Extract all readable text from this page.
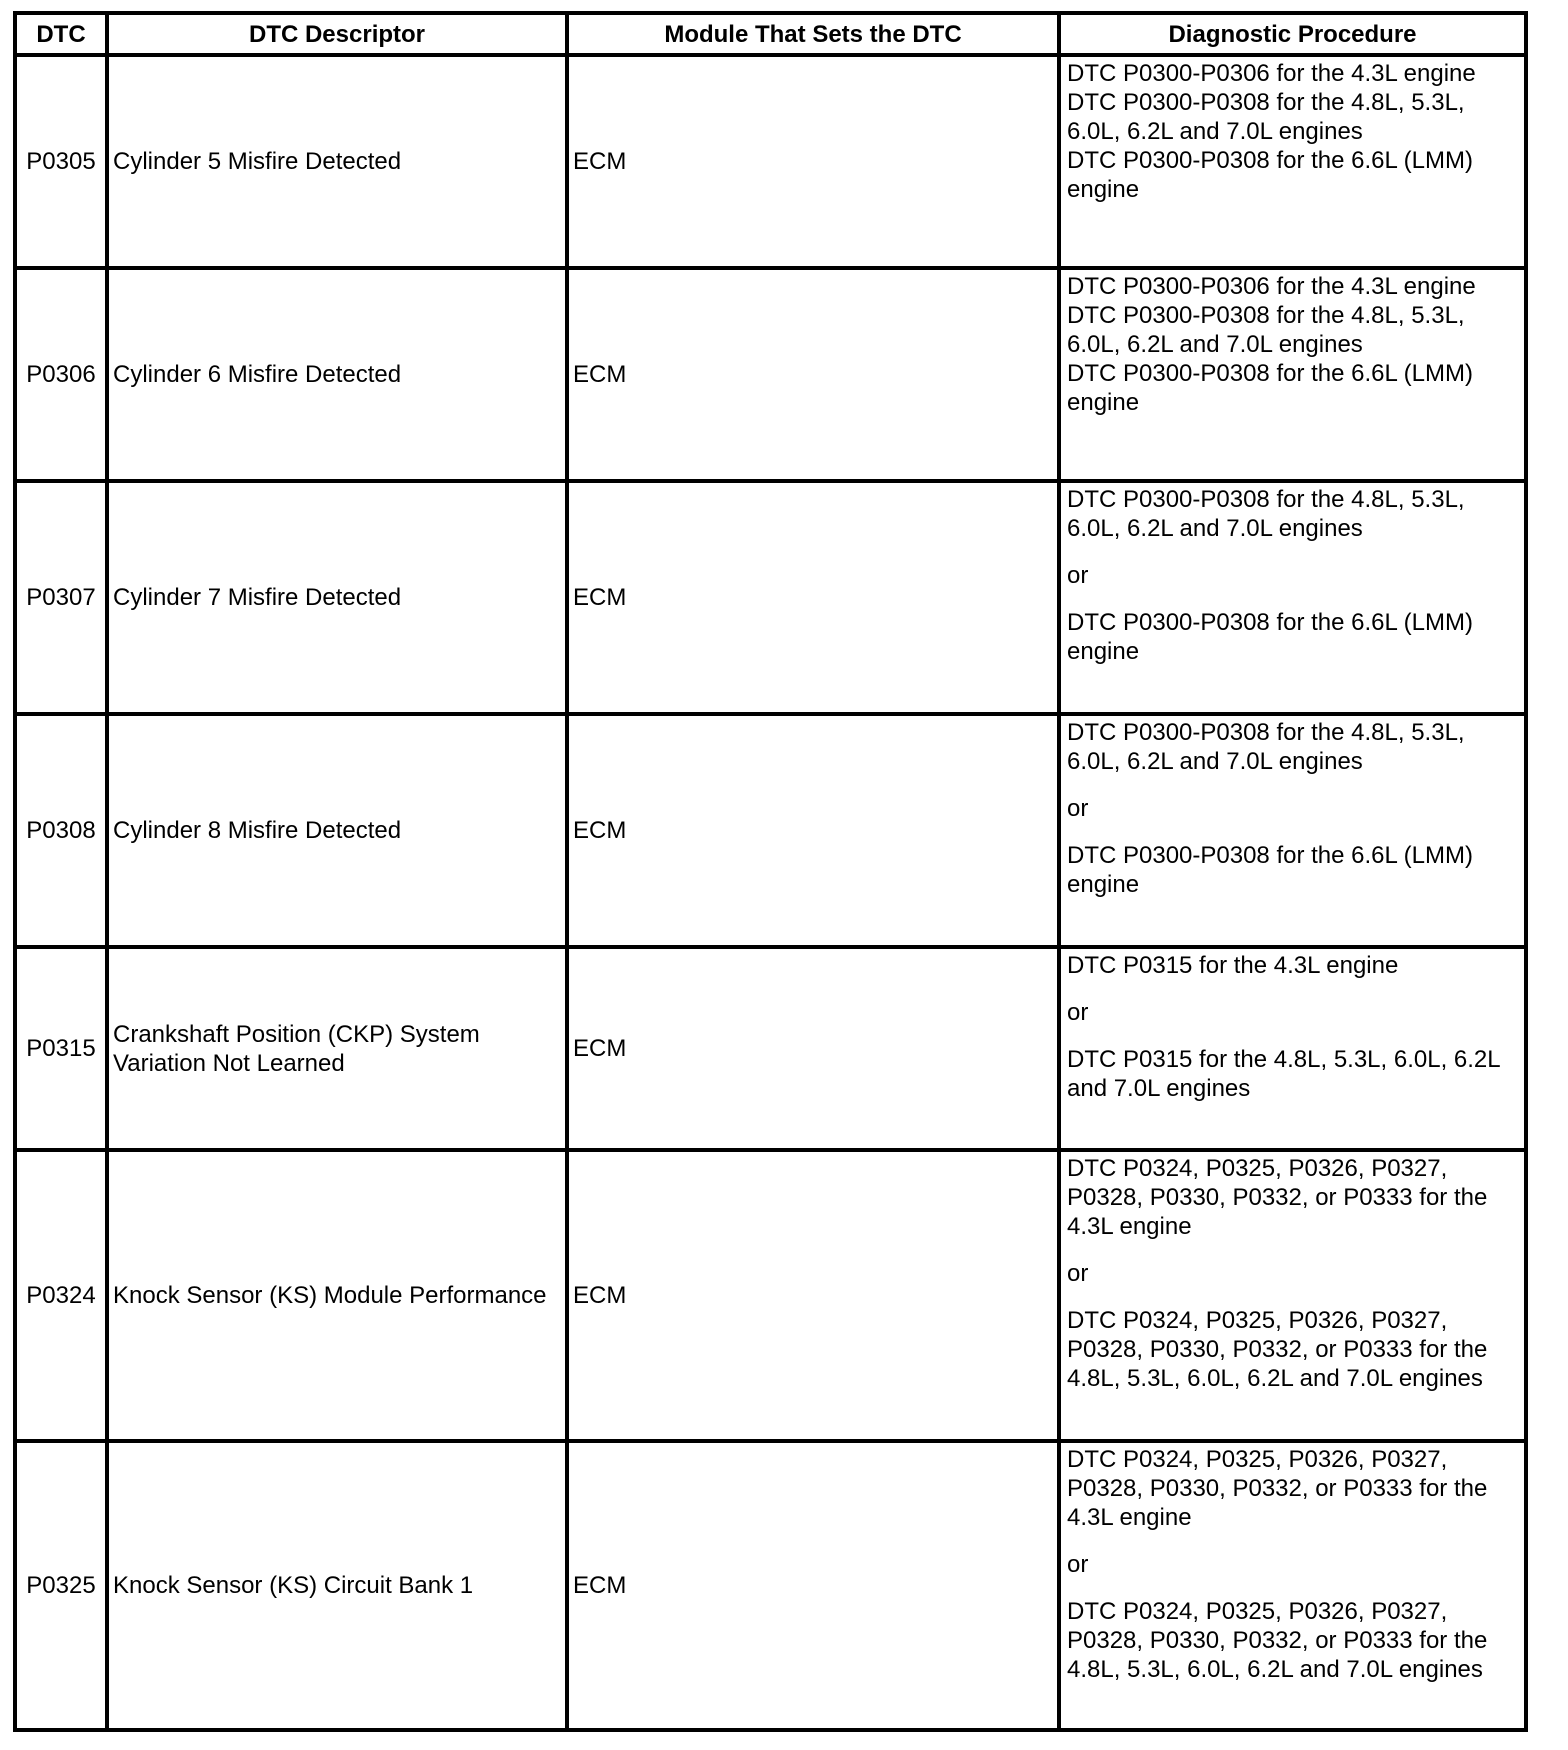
DTC	DTC Descriptor	Module That Sets the DTC	Diagnostic Procedure
P0305	Cylinder 5 Misfire Detected	ECM	DTC P0300-P0306 for the 4.3L engine
DTC P0300-P0308 for the 4.8L, 5.3L, 6.0L, 6.2L and 7.0L engines
DTC P0300-P0308 for the 6.6L (LMM) engine

P0306	Cylinder 6 Misfire Detected	ECM	DTC P0300-P0306 for the 4.3L engine
DTC P0300-P0308 for the 4.8L, 5.3L, 6.0L, 6.2L and 7.0L engines
DTC P0300-P0308 for the 6.6L (LMM) engine

P0307	Cylinder 7 Misfire Detected	ECM	DTC P0300-P0308 for the 4.8L, 5.3L, 6.0L, 6.2L and 7.0L engines
or
DTC P0300-P0308 for the 6.6L (LMM) engine

P0308	Cylinder 8 Misfire Detected	ECM	DTC P0300-P0308 for the 4.8L, 5.3L, 6.0L, 6.2L and 7.0L engines
or
DTC P0300-P0308 for the 6.6L (LMM) engine

P0315	Crankshaft Position (CKP) System Variation Not Learned	ECM	DTC P0315 for the 4.3L engine
or
DTC P0315 for the 4.8L, 5.3L, 6.0L, 6.2L and 7.0L engines

P0324	Knock Sensor (KS) Module Performance	ECM	DTC P0324, P0325, P0326, P0327, P0328, P0330, P0332, or P0333 for the 4.3L engine
or
DTC P0324, P0325, P0326, P0327, P0328, P0330, P0332, or P0333 for the 4.8L, 5.3L, 6.0L, 6.2L and 7.0L engines

P0325	Knock Sensor (KS) Circuit Bank 1	ECM	DTC P0324, P0325, P0326, P0327, P0328, P0330, P0332, or P0333 for the 4.3L engine
or
DTC P0324, P0325, P0326, P0327, P0328, P0330, P0332, or P0333 for the 4.8L, 5.3L, 6.0L, 6.2L and 7.0L engines
